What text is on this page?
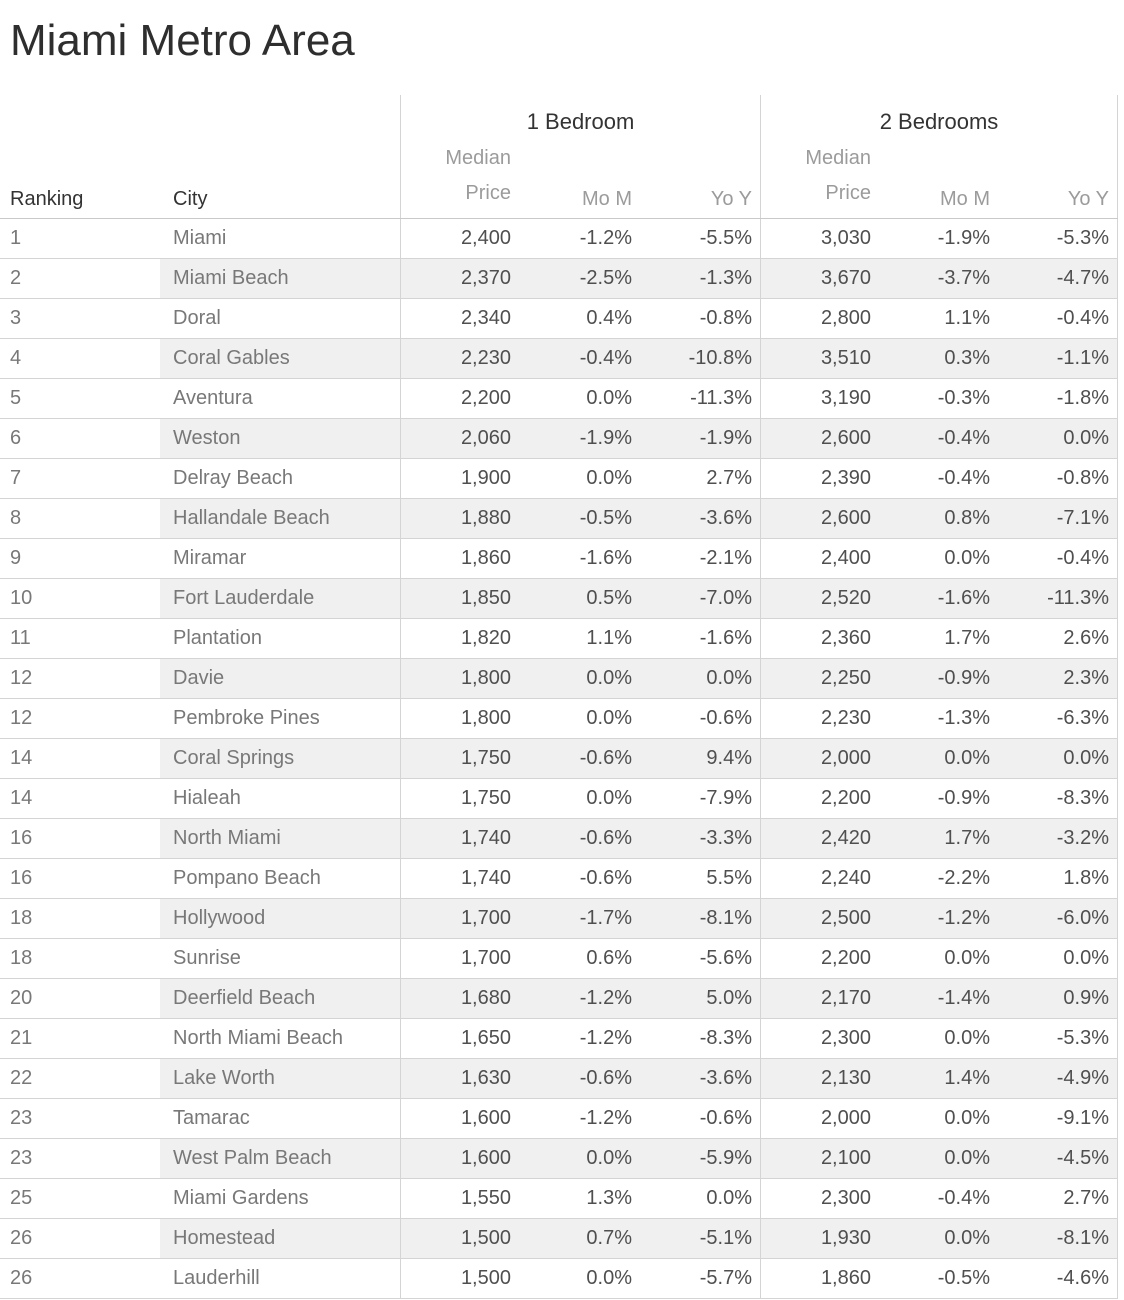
Miami Metro Area
1 Bedroom	2 Bedrooms
Ranking	City
Median
Price	Mo M	Yo Y
Median
Price	Mo M	Yo Y
1	Miami	2,400	-1.2%	-5.5%	3,030	-1.9%	-5.3%
2	Miami Beach	2,370	-2.5%	-1.3%	3,670	-3.7%	-4.7%
3	Doral	2,340	0.4%	-0.8%	2,800	1.1%	-0.4%
4	Coral Gables	2,230	-0.4%	-10.8%	3,510	0.3%	-1.1%
5	Aventura	2,200	0.0%	-11.3%	3,190	-0.3%	-1.8%
6	Weston	2,060	-1.9%	-1.9%	2,600	-0.4%	0.0%
7	Delray Beach	1,900	0.0%	2.7%	2,390	-0.4%	-0.8%
8	Hallandale Beach	1,880	-0.5%	-3.6%	2,600	0.8%	-7.1%
9	Miramar	1,860	-1.6%	-2.1%	2,400	0.0%	-0.4%
10	Fort Lauderdale	1,850	0.5%	-7.0%	2,520	-1.6%	-11.3%
11	Plantation	1,820	1.1%	-1.6%	2,360	1.7%	2.6%
12	Davie	1,800	0.0%	0.0%	2,250	-0.9%	2.3%
12	Pembroke Pines	1,800	0.0%	-0.6%	2,230	-1.3%	-6.3%
14	Coral Springs	1,750	-0.6%	9.4%	2,000	0.0%	0.0%
14	Hialeah	1,750	0.0%	-7.9%	2,200	-0.9%	-8.3%
16	North Miami	1,740	-0.6%	-3.3%	2,420	1.7%	-3.2%
16	Pompano Beach	1,740	-0.6%	5.5%	2,240	-2.2%	1.8%
18	Hollywood	1,700	-1.7%	-8.1%	2,500	-1.2%	-6.0%
18	Sunrise	1,700	0.6%	-5.6%	2,200	0.0%	0.0%
20	Deerfield Beach	1,680	-1.2%	5.0%	2,170	-1.4%	0.9%
21	North Miami Beach	1,650	-1.2%	-8.3%	2,300	0.0%	-5.3%
22	Lake Worth	1,630	-0.6%	-3.6%	2,130	1.4%	-4.9%
23	Tamarac	1,600	-1.2%	-0.6%	2,000	0.0%	-9.1%
23	West Palm Beach	1,600	0.0%	-5.9%	2,100	0.0%	-4.5%
25	Miami Gardens	1,550	1.3%	0.0%	2,300	-0.4%	2.7%
26	Homestead	1,500	0.7%	-5.1%	1,930	0.0%	-8.1%
26	Lauderhill	1,500	0.0%	-5.7%	1,860	-0.5%	-4.6%
